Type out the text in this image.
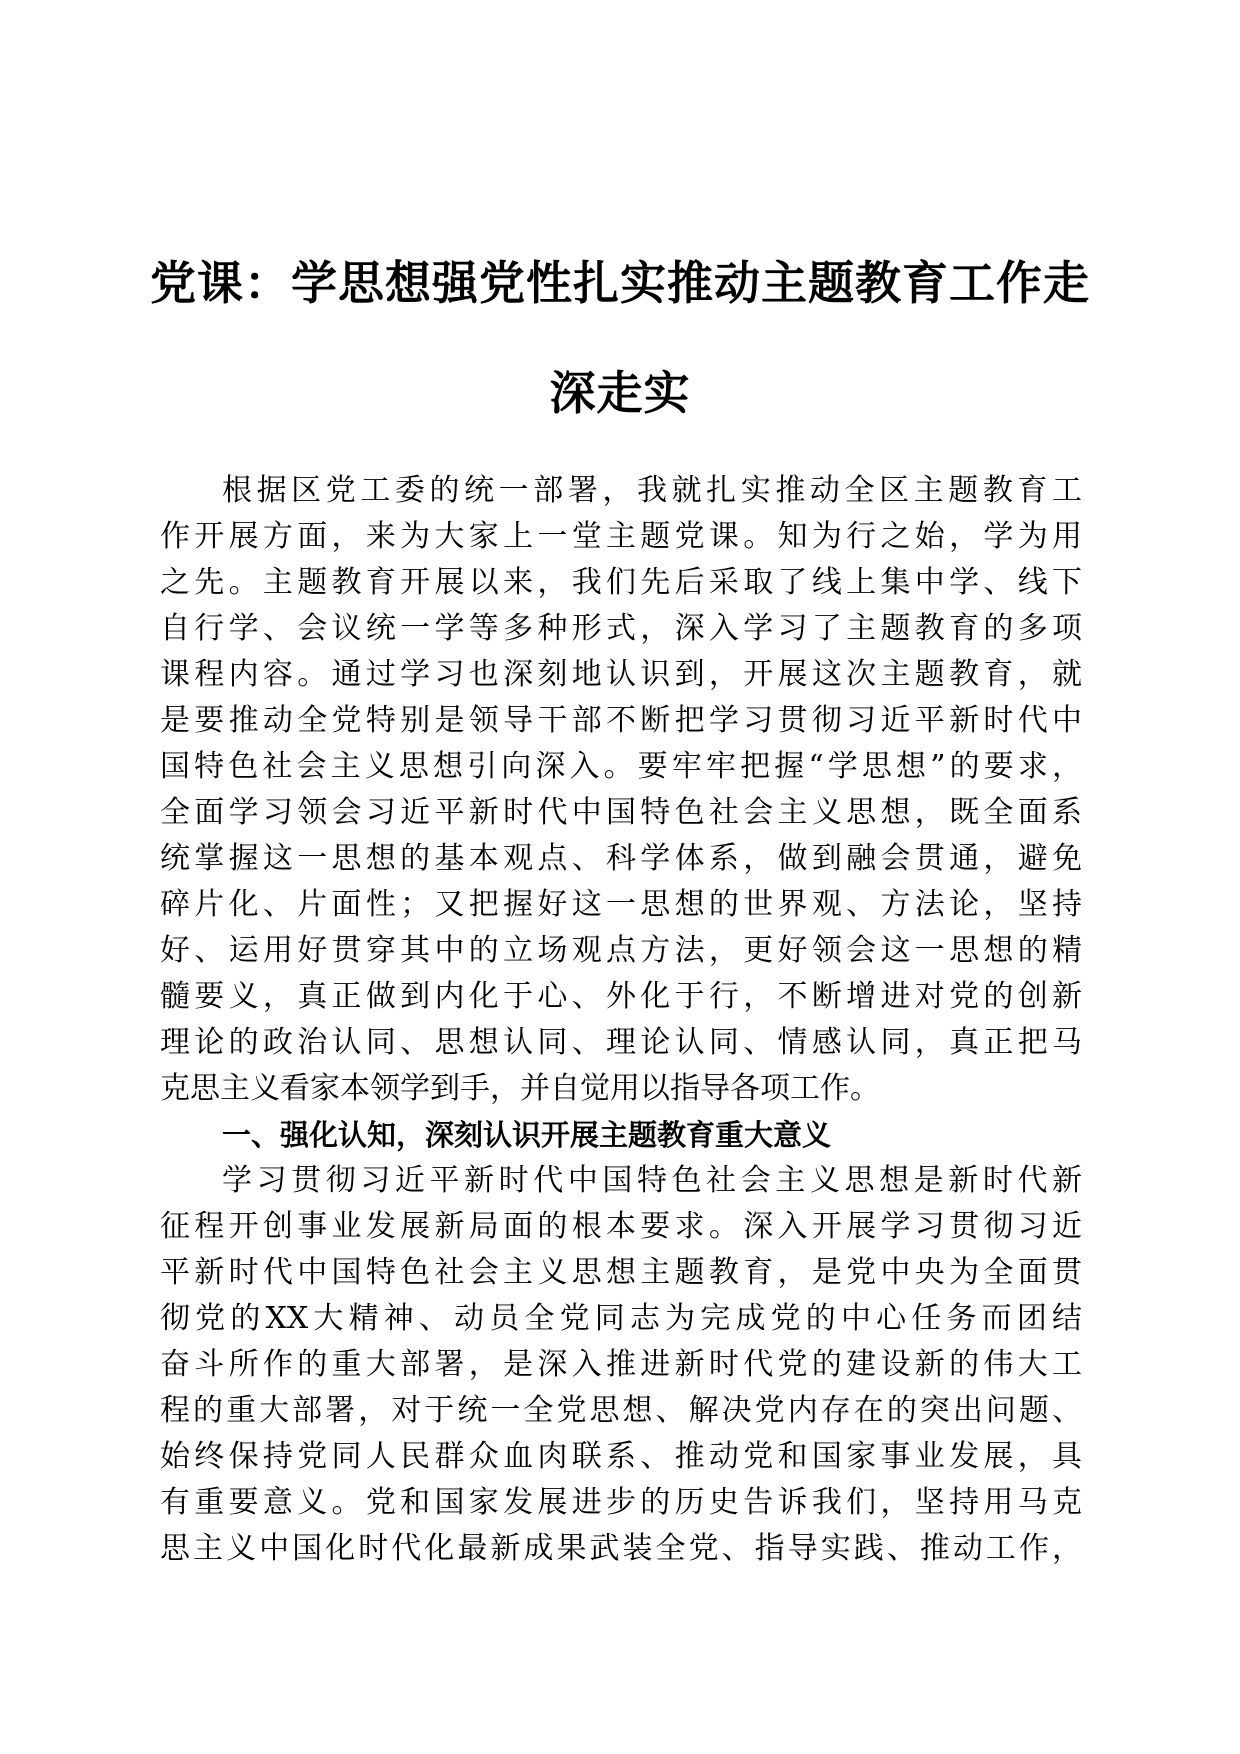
党课：学思想强党性扎实推动主题教育工作走
深走实
根据区党工委的统一部署，我就扎实推动全区主题教育工
作开展方面，来为大家上一堂主题党课。知为行之始，学为用
之先。主题教育开展以来，我们先后采取了线上集中学、线下
自行学、会议统一学等多种形式，深入学习了主题教育的多项
课程内容。通过学习也深刻地认识到，开展这次主题教育，就
是要推动全党特别是领导干部不断把学习贯彻习近平新时代中
国特色社会主义思想引向深入。要牢牢把握“学思想”的要求，
全面学习领会习近平新时代中国特色社会主义思想，既全面系
统掌握这一思想的基本观点、科学体系，做到融会贯通，避免
碎片化、片面性；又把握好这一思想的世界观、方法论，坚持
好、运用好贯穿其中的立场观点方法，更好领会这一思想的精
髓要义，真正做到内化于心、外化于行，不断增进对党的创新
理论的政治认同、思想认同、理论认同、情感认同，真正把马
克思主义看家本领学到手，并自觉用以指导各项工作。
一、强化认知，深刻认识开展主题教育重大意义
学习贯彻习近平新时代中国特色社会主义思想是新时代新
征程开创事业发展新局面的根本要求。深入开展学习贯彻习近
平新时代中国特色社会主义思想主题教育，是党中央为全面贯
彻党的XX大精神、动员全党同志为完成党的中心任务而团结
奋斗所作的重大部署，是深入推进新时代党的建设新的伟大工
程的重大部署，对于统一全党思想、解决党内存在的突出问题、
始终保持党同人民群众血肉联系、推动党和国家事业发展，具
有重要意义。党和国家发展进步的历史告诉我们，坚持用马克
思主义中国化时代化最新成果武装全党、指导实践、推动工作，
